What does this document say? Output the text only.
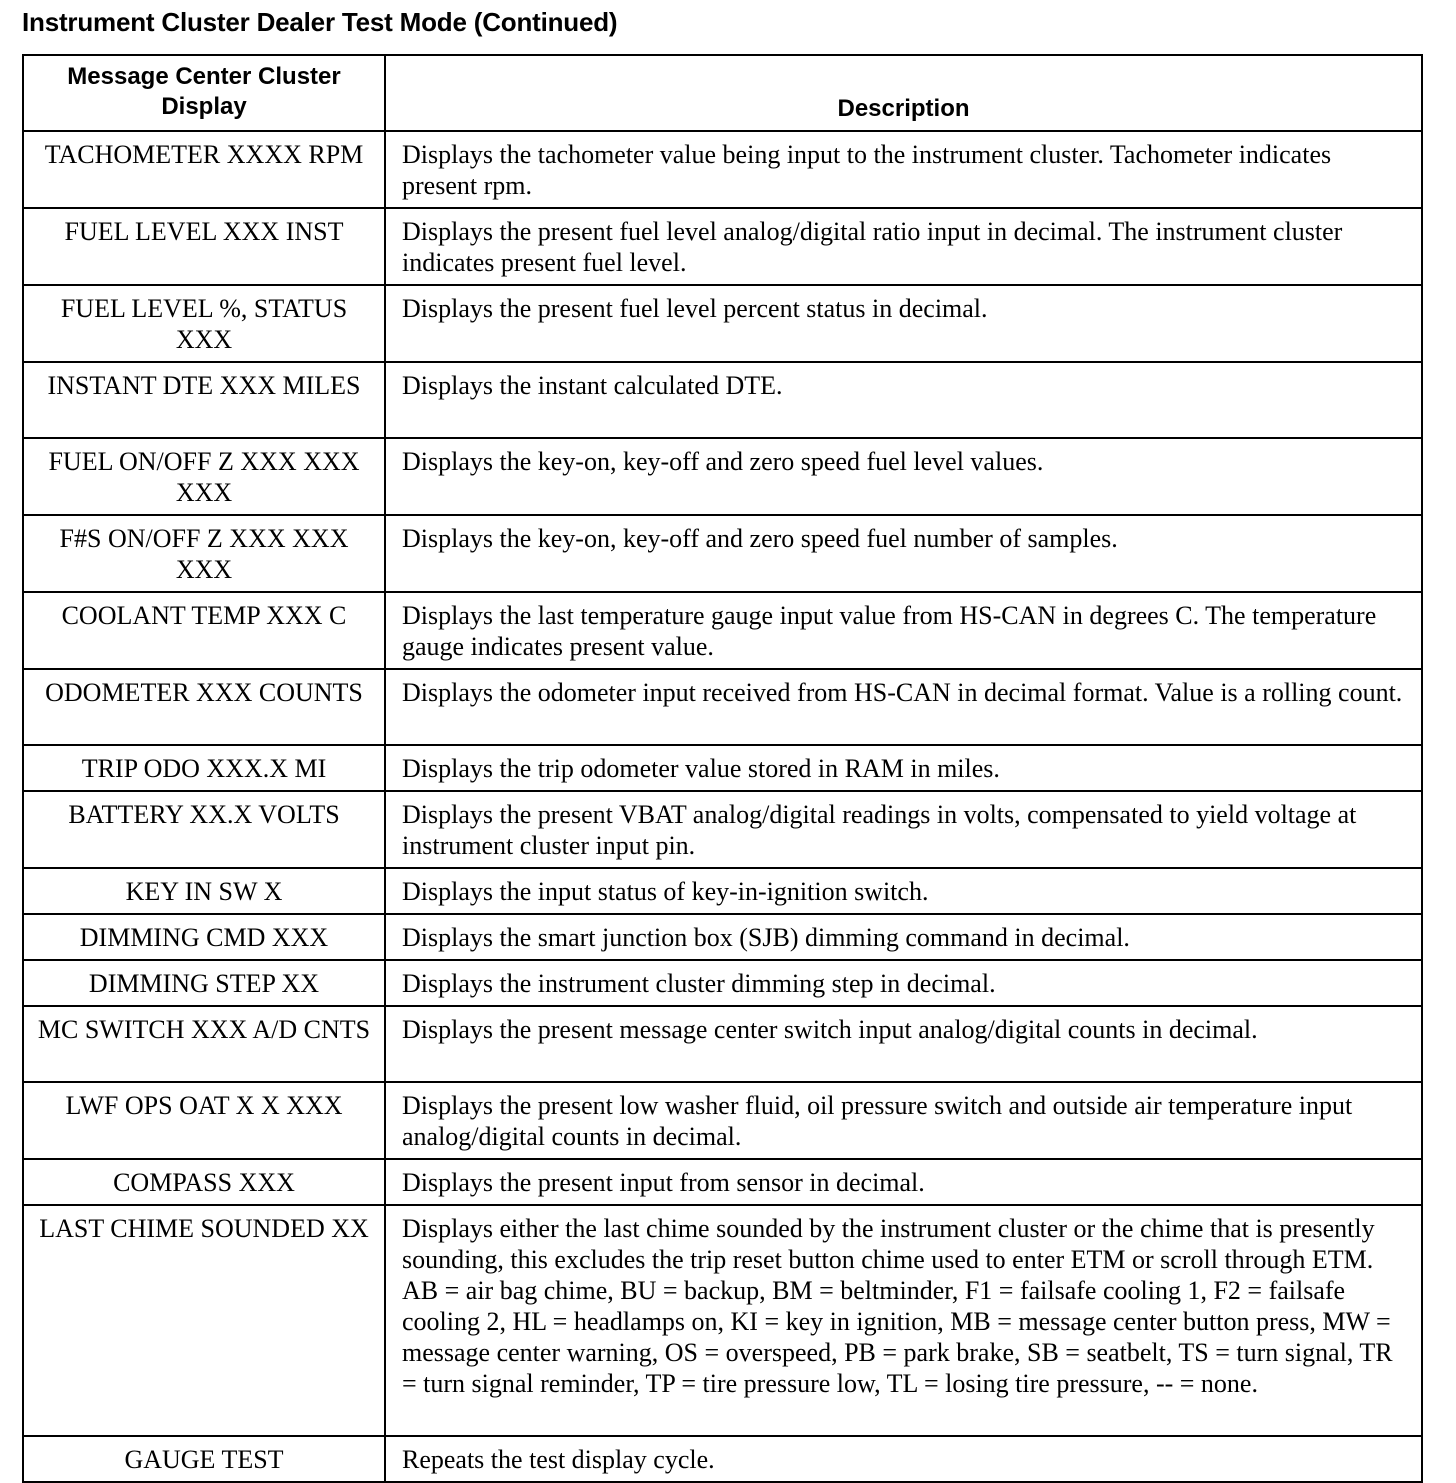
Instrument Cluster Dealer Test Mode (Continued)
Message Center Cluster Display	Description
TACHOMETER XXXX RPM	Displays the tachometer value being input to the instrument cluster. Tachometer indicates present rpm.
FUEL LEVEL XXX INST	Displays the present fuel level analog/digital ratio input in decimal. The instrument cluster indicates present fuel level.
FUEL LEVEL %, STATUS XXX	Displays the present fuel level percent status in decimal.
INSTANT DTE XXX MILES	Displays the instant calculated DTE.
FUEL ON/OFF Z XXX XXX XXX	Displays the key-on, key-off and zero speed fuel level values.
F#S ON/OFF Z XXX XXX XXX	Displays the key-on, key-off and zero speed fuel number of samples.
COOLANT TEMP XXX C	Displays the last temperature gauge input value from HS-CAN in degrees C. The temperature gauge indicates present value.
ODOMETER XXX COUNTS	Displays the odometer input received from HS-CAN in decimal format. Value is a rolling count.
TRIP ODO XXX.X MI	Displays the trip odometer value stored in RAM in miles.
BATTERY XX.X VOLTS	Displays the present VBAT analog/digital readings in volts, compensated to yield voltage at instrument cluster input pin.
KEY IN SW X	Displays the input status of key-in-ignition switch.
DIMMING CMD XXX	Displays the smart junction box (SJB) dimming command in decimal.
DIMMING STEP XX	Displays the instrument cluster dimming step in decimal.
MC SWITCH XXX A/D CNTS	Displays the present message center switch input analog/digital counts in decimal.
LWF OPS OAT X X XXX	Displays the present low washer fluid, oil pressure switch and outside air temperature input analog/digital counts in decimal.
COMPASS XXX	Displays the present input from sensor in decimal.
LAST CHIME SOUNDED XX	Displays either the last chime sounded by the instrument cluster or the chime that is presently sounding, this excludes the trip reset button chime used to enter ETM or scroll through ETM. AB = air bag chime, BU = backup, BM = beltminder, F1 = failsafe cooling 1, F2 = failsafe cooling 2, HL = headlamps on, KI = key in ignition, MB = message center button press, MW = message center warning, OS = overspeed, PB = park brake, SB = seatbelt, TS = turn signal, TR = turn signal reminder, TP = tire pressure low, TL = losing tire pressure, -- = none.
GAUGE TEST	Repeats the test display cycle.
